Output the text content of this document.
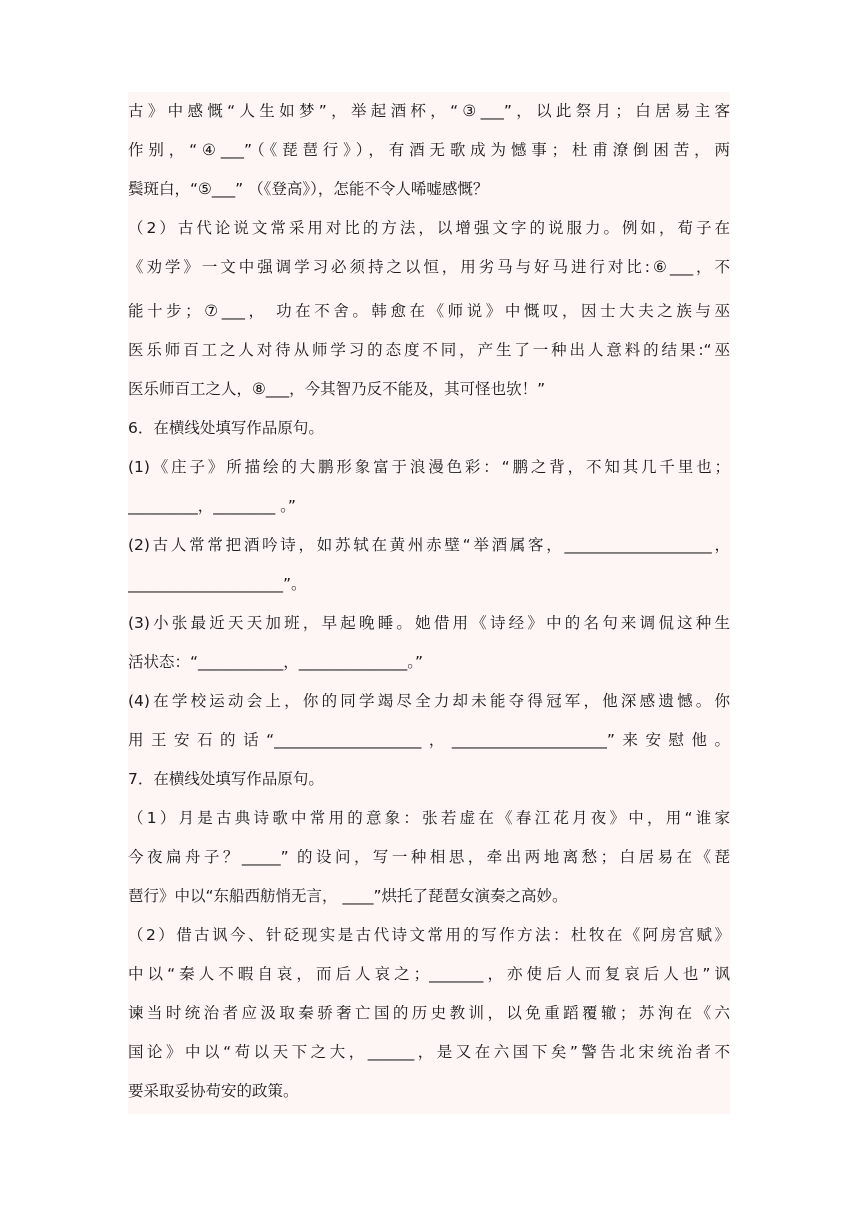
古》中感慨“人生如梦”，举起酒杯，“③___”，以此祭月；白居易主客
作别，“④___”（《琵琶行》），有酒无歌成为憾事；杜甫潦倒困苦，两
鬓斑白，“⑤___” （《登高》），怎能不令人唏嘘感慨？
（2）古代论说文常采用对比的方法，以增强文字的说服力。例如，荀子在
《劝学》一文中强调学习必须持之以恒，用劣马与好马进行对比:⑥___，不
能十步；⑦___， 功在不舍。韩愈在《师说》中慨叹，因士大夫之族与巫
医乐师百工之人对待从师学习的态度不同，产生了一种出人意料的结果:“巫
医乐师百工之人，⑧___，今其智乃反不能及，其可怪也欤！”
6．在横线处填写作品原句。
(1)《庄子》所描绘的大鹏形象富于浪漫色彩：“鹏之背，不知其几千里也；
_________，________ 。”
(2)古人常常把酒吟诗，如苏轼在黄州赤壁“举酒属客，___________________，
____________________”。
(3)小张最近天天加班，早起晚睡。她借用《诗经》中的名句来调侃这种生
活状态：“___________，______________。”
(4)在学校运动会上，你的同学竭尽全力却未能夺得冠军，他深感遗憾。你
用王安石的话“___________________，____________________”来安慰他。
7．在横线处填写作品原句。
（1）月是古典诗歌中常用的意象：张若虚在《春江花月夜》中，用“谁家
今夜扁舟子？_____” 的设问，写一种相思，牵出两地离愁；白居易在《琵
琶行》中以“东船西舫悄无言， ____”烘托了琵琶女演奏之高妙。
（2）借古讽今、针砭现实是古代诗文常用的写作方法：杜牧在《阿房宫赋》
中以“秦人不暇自哀，而后人哀之；_______，亦使后人而复哀后人也”讽
谏当时统治者应汲取秦骄奢亡国的历史教训，以免重蹈覆辙；苏洵在《六
国论》中以“苟以天下之大，______，是又在六国下矣”警告北宋统治者不
要采取妥协苟安的政策。
